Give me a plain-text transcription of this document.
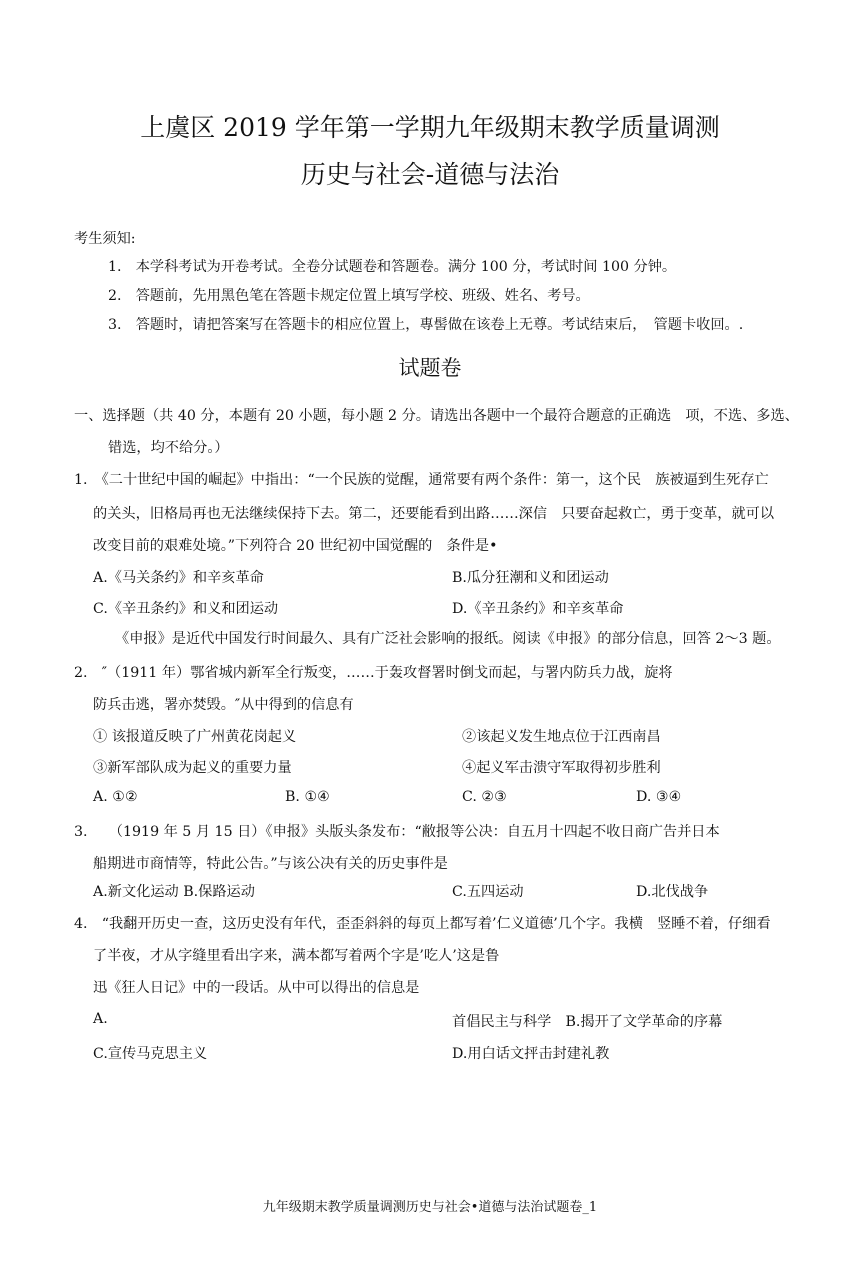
上虞区 2019 学年第一学期九年级期末教学质量调测
历史与社会-道德与法治
考生须知:
1.　本学科考试为开卷考试。全卷分试题卷和答题卷。满分 100 分，考试时间 100 分钟。
2.　答题前，先用黑色笔在答题卡规定位置上填写学校、班级、姓名、考号。
3.　答题时，请把答案写在答题卡的相应位置上，專髻做在该卷上无尊。考试结束后，　管题卡收回。.
试题卷
一、选择题（共 40 分，本题有 20 小题，每小题 2 分。请选出各题中一个最符合题意的正确选　项，不选、多选、
错选，均不给分。）
1.　《二十世纪中国的崛起》中指出：“一个民族的觉醒，通常要有两个条件：第一，这个民　族被逼到生死存亡
的关头，旧格局再也无法继续保持下去。第二，还要能看到出路……深信　只要奋起救亡，勇于变革，就可以
改变目前的艰难处境。”下列符合 20 世纪初中国觉醒的　条件是•
A.《马关条约》和辛亥革命	B.瓜分狂潮和义和团运动
C.《辛丑条约》和义和团运动	D.《辛丑条约》和辛亥革命
《申报》是近代中国发行时间最久、具有广泛社会影响的报纸。阅读《申报》的部分信息，回答 2～3 题。
2.　″（1911 年）鄂省城内新军全行叛变，……于轰攻督署时倒戈而起，与署内防兵力战，旋将
防兵击逃，署亦焚毁。″从中得到的信息有
① 该报道反映了广州黄花岗起义	②该起义发生地点位于江西南昌
③新军部队成为起义的重要力量	④起义军击溃守军取得初步胜利
A. ①②	B. ①④	C. ②③	D. ③④
3.　　（1919 年 5 月 15 日）《申报》头版头条发布：“敝报等公决：自五月十四起不收日商广告并日本
船期进市商情等，特此公告。”与该公决有关的历史事件是
A.新文化运动 B.保路运动	C.五四运动	D.北伐战争
4.　“我翻开历史一查，这历史没有年代，歪歪斜斜的每页上都写着’仁义道德’几个字。我横　竖睡不着，仔细看
了半夜，才从字缝里看出字来，满本都写着两个字是’吃人’这是鲁
迅《狂人日记》中的一段话。从中可以得出的信息是
A.	首倡民主与科学　B.揭开了文学革命的序幕
C.宣传马克思主义	D.用白话文抨击封建礼教
九年级期末教学质量调测历史与社会•道德与法治试题卷_1
